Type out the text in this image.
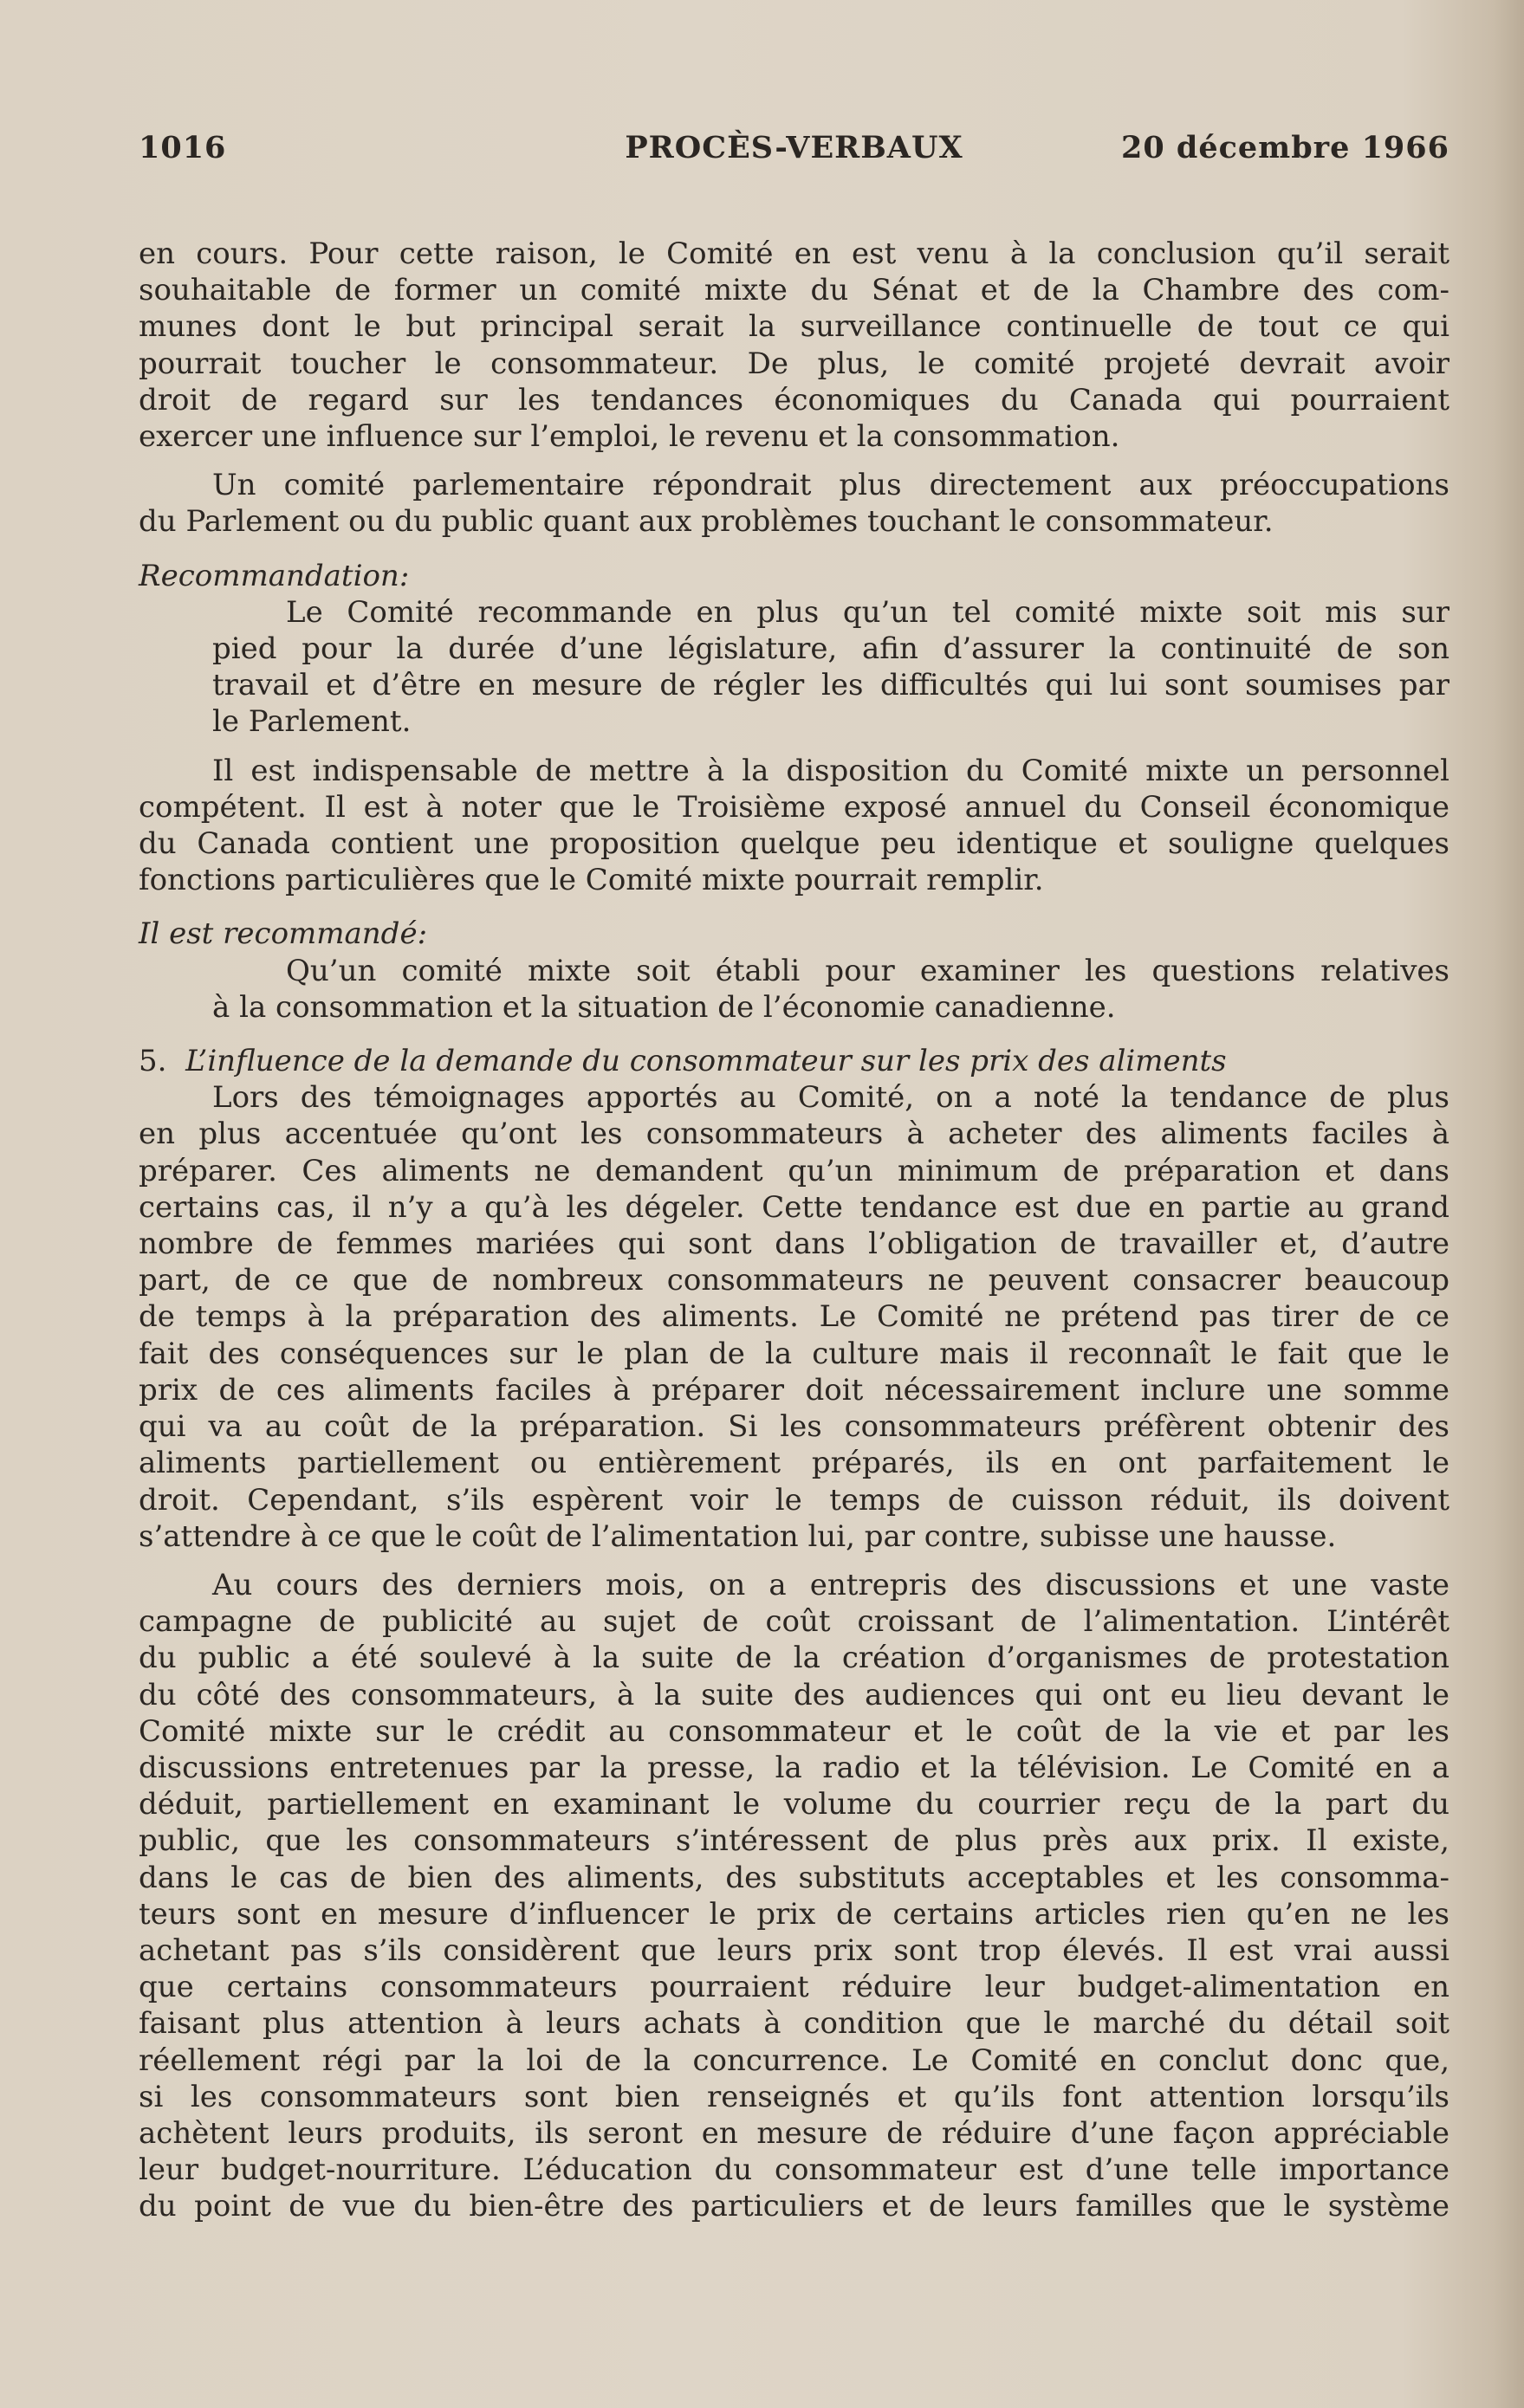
1016	PROCÈS-VERBAUX	20 décembre 1966
en cours. Pour cette raison, le Comité en est venu à la conclusion qu’il serait
souhaitable de former un comité mixte du Sénat et de la Chambre des com-
munes dont le but principal serait la surveillance continuelle de tout ce qui
pourrait toucher le consommateur. De plus, le comité projeté devrait avoir
droit de regard sur les tendances économiques du Canada qui pourraient
exercer une influence sur l’emploi, le revenu et la consommation.
Un comité parlementaire répondrait plus directement aux préoccupations
du Parlement ou du public quant aux problèmes touchant le consommateur.
Recommandation:
Le Comité recommande en plus qu’un tel comité mixte soit mis sur
pied pour la durée d’une législature, afin d’assurer la continuité de son
travail et d’être en mesure de régler les difficultés qui lui sont soumises par
le Parlement.
Il est indispensable de mettre à la disposition du Comité mixte un personnel
compétent. Il est à noter que le Troisième exposé annuel du Conseil économique
du Canada contient une proposition quelque peu identique et souligne quelques
fonctions particulières que le Comité mixte pourrait remplir.
Il est recommandé:
Qu’un comité mixte soit établi pour examiner les questions relatives
à la consommation et la situation de l’économie canadienne.
5. L’influence de la demande du consommateur sur les prix des aliments
Lors des témoignages apportés au Comité, on a noté la tendance de plus
en plus accentuée qu’ont les consommateurs à acheter des aliments faciles à
préparer. Ces aliments ne demandent qu’un minimum de préparation et dans
certains cas, il n’y a qu’à les dégeler. Cette tendance est due en partie au grand
nombre de femmes mariées qui sont dans l’obligation de travailler et, d’autre
part, de ce que de nombreux consommateurs ne peuvent consacrer beaucoup
de temps à la préparation des aliments. Le Comité ne prétend pas tirer de ce
fait des conséquences sur le plan de la culture mais il reconnaît le fait que le
prix de ces aliments faciles à préparer doit nécessairement inclure une somme
qui va au coût de la préparation. Si les consommateurs préfèrent obtenir des
aliments partiellement ou entièrement préparés, ils en ont parfaitement le
droit. Cependant, s’ils espèrent voir le temps de cuisson réduit, ils doivent
s’attendre à ce que le coût de l’alimentation lui, par contre, subisse une hausse.
Au cours des derniers mois, on a entrepris des discussions et une vaste
campagne de publicité au sujet de coût croissant de l’alimentation. L’intérêt
du public a été soulevé à la suite de la création d’organismes de protestation
du côté des consommateurs, à la suite des audiences qui ont eu lieu devant le
Comité mixte sur le crédit au consommateur et le coût de la vie et par les
discussions entretenues par la presse, la radio et la télévision. Le Comité en a
déduit, partiellement en examinant le volume du courrier reçu de la part du
public, que les consommateurs s’intéressent de plus près aux prix. Il existe,
dans le cas de bien des aliments, des substituts acceptables et les consomma-
teurs sont en mesure d’influencer le prix de certains articles rien qu’en ne les
achetant pas s’ils considèrent que leurs prix sont trop élevés. Il est vrai aussi
que certains consommateurs pourraient réduire leur budget-alimentation en
faisant plus attention à leurs achats à condition que le marché du détail soit
réellement régi par la loi de la concurrence. Le Comité en conclut donc que,
si les consommateurs sont bien renseignés et qu’ils font attention lorsqu’ils
achètent leurs produits, ils seront en mesure de réduire d’une façon appréciable
leur budget-nourriture. L’éducation du consommateur est d’une telle importance
du point de vue du bien-être des particuliers et de leurs familles que le système
